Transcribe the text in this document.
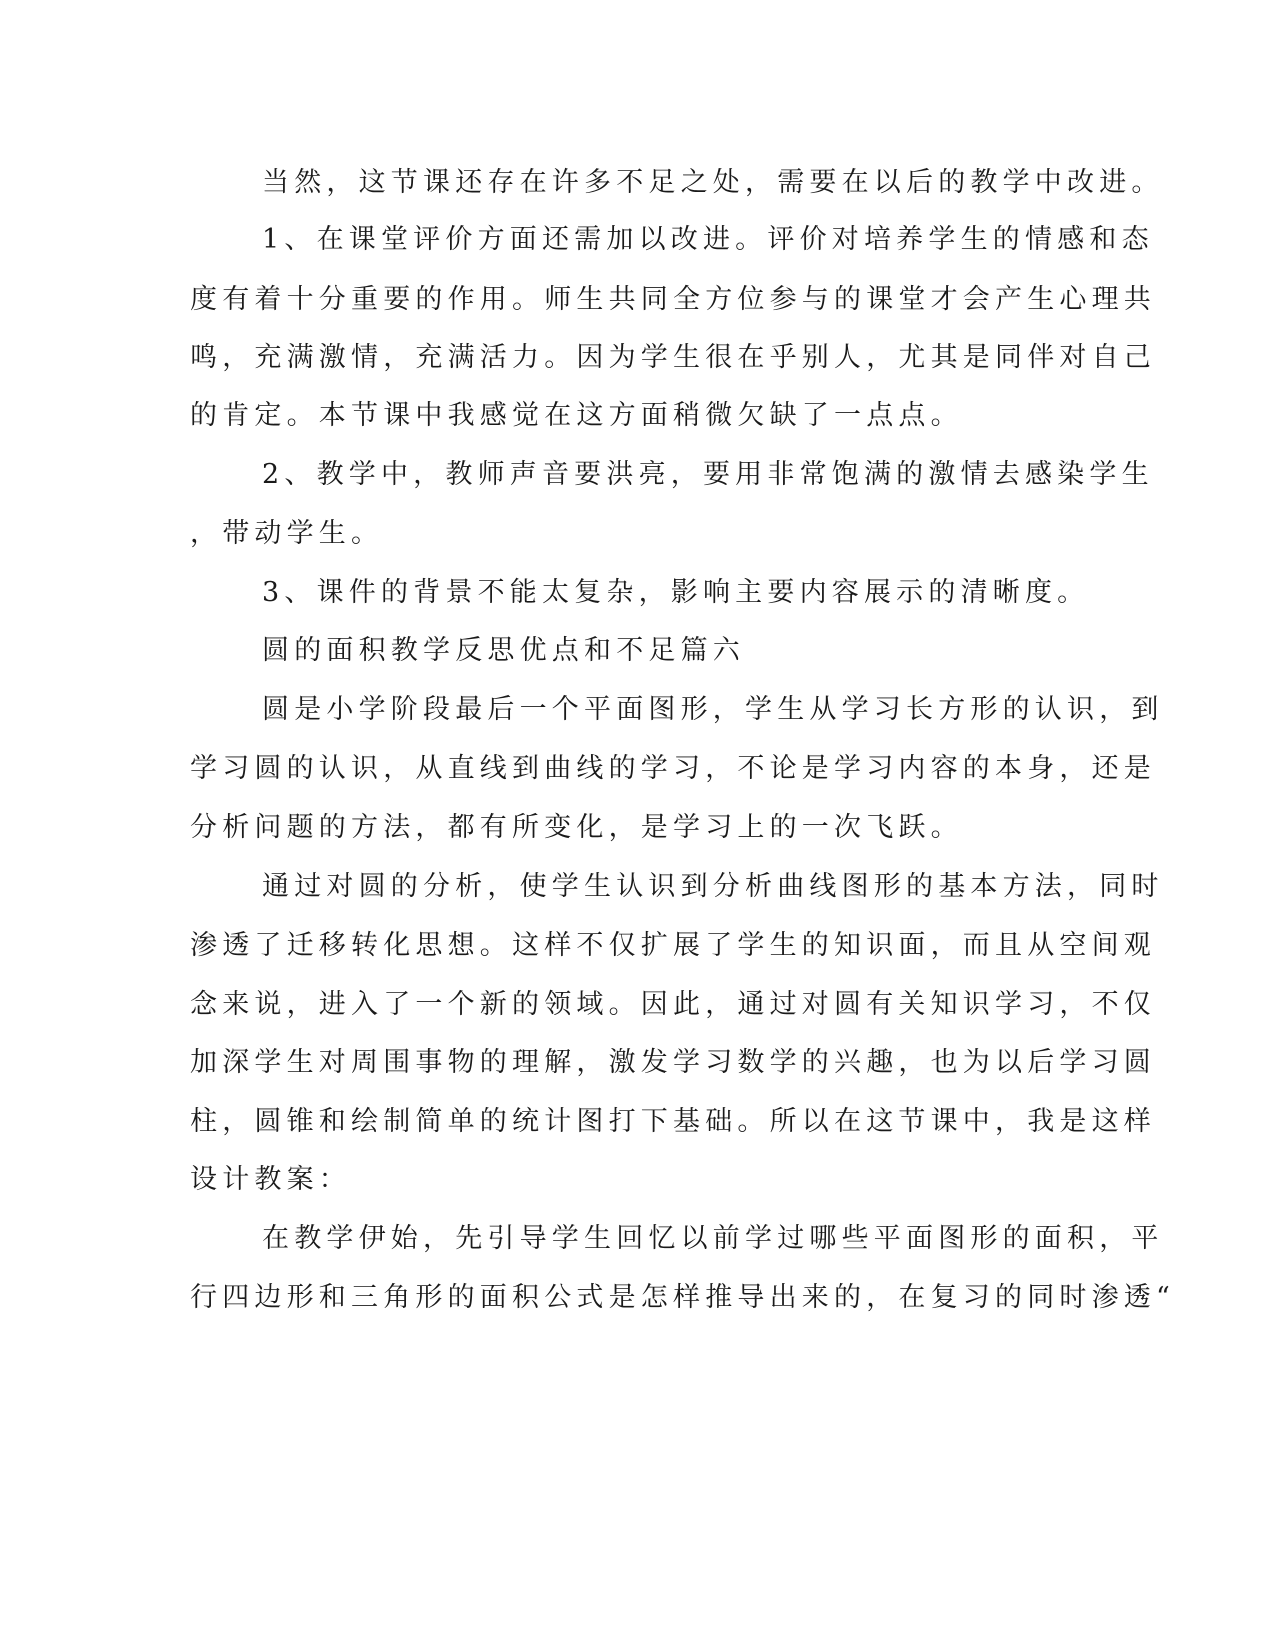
当然，这节课还存在许多不足之处，需要在以后的教学中改进。
1、在课堂评价方面还需加以改进。评价对培养学生的情感和态
度有着十分重要的作用。师生共同全方位参与的课堂才会产生心理共
鸣，充满激情，充满活力。因为学生很在乎别人，尤其是同伴对自己
的肯定。本节课中我感觉在这方面稍微欠缺了一点点。
2、教学中，教师声音要洪亮，要用非常饱满的激情去感染学生
，带动学生。
3、课件的背景不能太复杂，影响主要内容展示的清晰度。
圆的面积教学反思优点和不足篇六
圆是小学阶段最后一个平面图形，学生从学习长方形的认识，到
学习圆的认识，从直线到曲线的学习，不论是学习内容的本身，还是
分析问题的方法，都有所变化，是学习上的一次飞跃。
通过对圆的分析，使学生认识到分析曲线图形的基本方法，同时
渗透了迁移转化思想。这样不仅扩展了学生的知识面，而且从空间观
念来说，进入了一个新的领域。因此，通过对圆有关知识学习，不仅
加深学生对周围事物的理解，激发学习数学的兴趣，也为以后学习圆
柱，圆锥和绘制简单的统计图打下基础。所以在这节课中，我是这样
设计教案：
在教学伊始，先引导学生回忆以前学过哪些平面图形的面积，平
行四边形和三角形的面积公式是怎样推导出来的，在复习的同时渗透“
